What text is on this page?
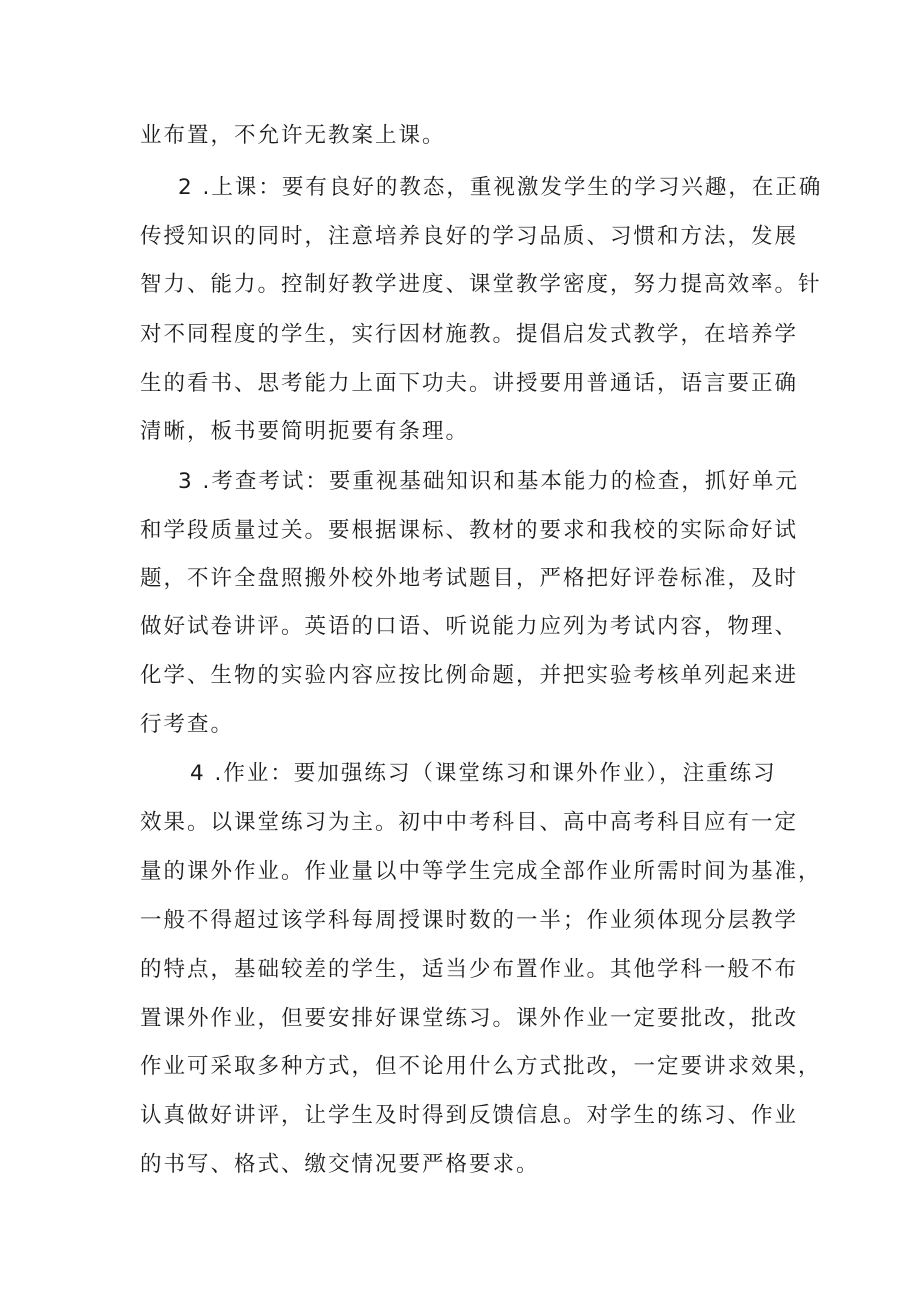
业布置，不允许无教案上课。
2 .上课：要有良好的教态，重视激发学生的学习兴趣，在正确
传授知识的同时，注意培养良好的学习品质、习惯和方法，发展
智力、能力。控制好教学进度、课堂教学密度，努力提高效率。针
对不同程度的学生，实行因材施教。提倡启发式教学，在培养学
生的看书、思考能力上面下功夫。讲授要用普通话，语言要正确
清晰，板书要简明扼要有条理。
3 .考查考试：要重视基础知识和基本能力的检查，抓好单元
和学段质量过关。要根据课标、教材的要求和我校的实际命好试
题，不许全盘照搬外校外地考试题目，严格把好评卷标准，及时
做好试卷讲评。英语的口语、听说能力应列为考试内容，物理、
化学、生物的实验内容应按比例命题，并把实验考核单列起来进
行考查。
4 .作业：要加强练习（课堂练习和课外作业），注重练习
效果。以课堂练习为主。初中中考科目、高中高考科目应有一定
量的课外作业。作业量以中等学生完成全部作业所需时间为基准，
一般不得超过该学科每周授课时数的一半；作业须体现分层教学
的特点，基础较差的学生，适当少布置作业。其他学科一般不布
置课外作业，但要安排好课堂练习。课外作业一定要批改，批改
作业可采取多种方式，但不论用什么方式批改，一定要讲求效果，
认真做好讲评，让学生及时得到反馈信息。对学生的练习、作业
的书写、格式、缴交情况要严格要求。
